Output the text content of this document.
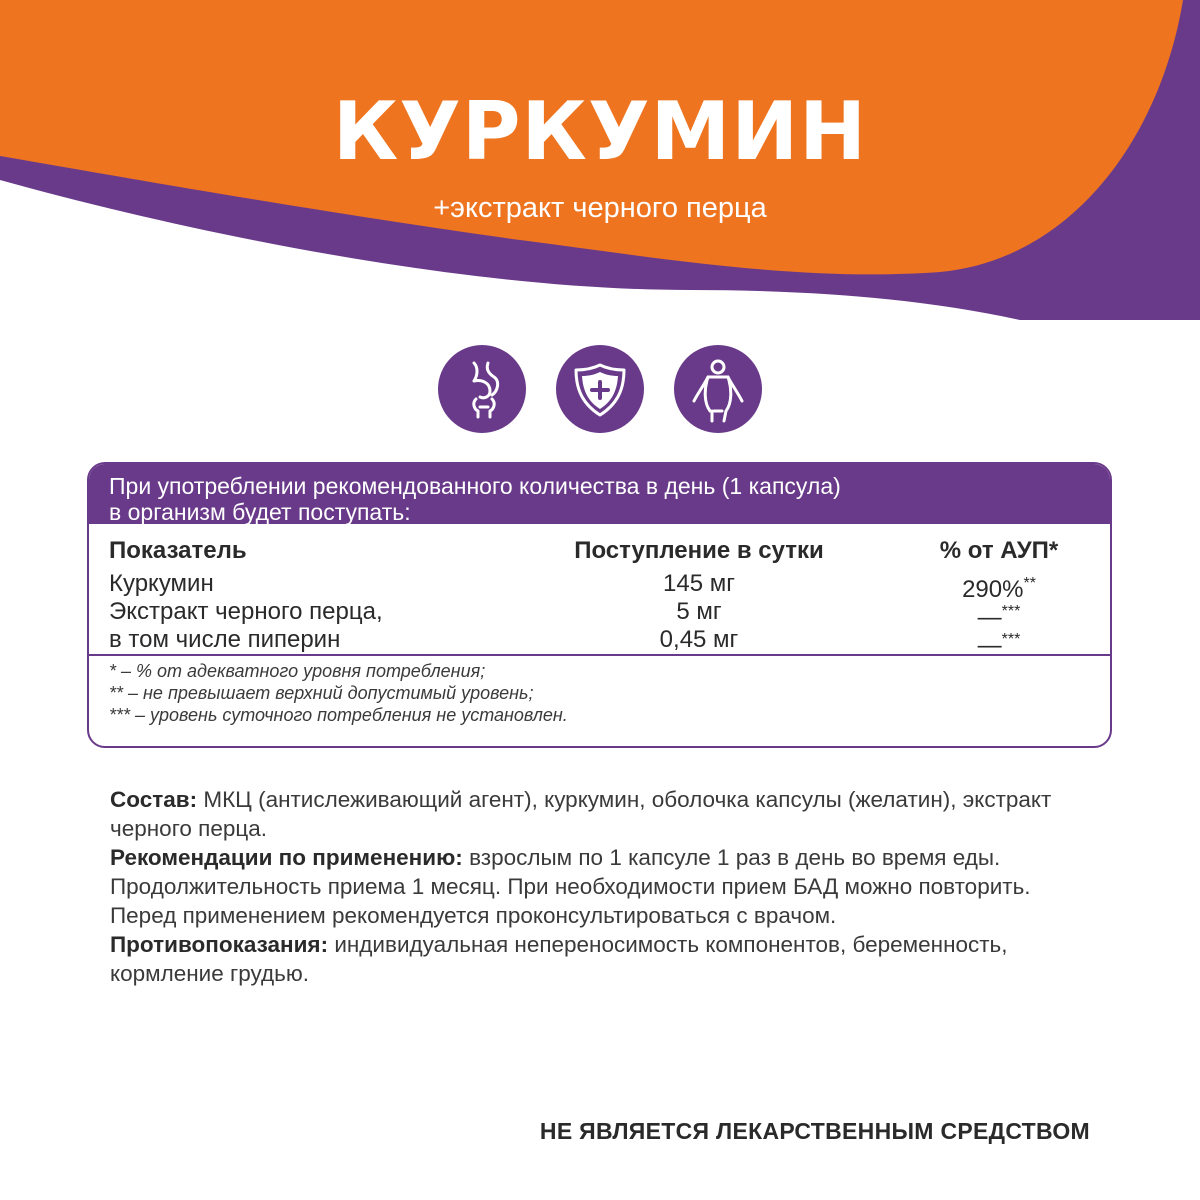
КУРКУМИН

+экстракт черного перца

При употреблении рекомендованного количества в день (1 капсула)
в организм будет поступать:
Показатель	Поступление в сутки	% от АУП*
Куркумин	145 мг	290%**
Экстракт черного перца,	5 мг	—***
в том числе пиперин	0,45 мг	—***
* – % от адекватного уровня потребления;
** – не превышает верхний допустимый уровень;
*** – уровень суточного потребления не установлен.

Состав: МКЦ (антислеживающий агент), куркумин, оболочка капсулы (желатин), экстракт черного перца.

Рекомендации по применению: взрослым по 1 капсуле 1 раз в день во время еды. Продолжительность приема 1 месяц. При необходимости прием БАД можно повторить. Перед применением рекомендуется проконсультироваться с врачом.

Противопоказания: индивидуальная непереносимость компонентов, беременность, кормление грудью.

НЕ ЯВЛЯЕТСЯ ЛЕКАРСТВЕННЫМ СРЕДСТВОМ
